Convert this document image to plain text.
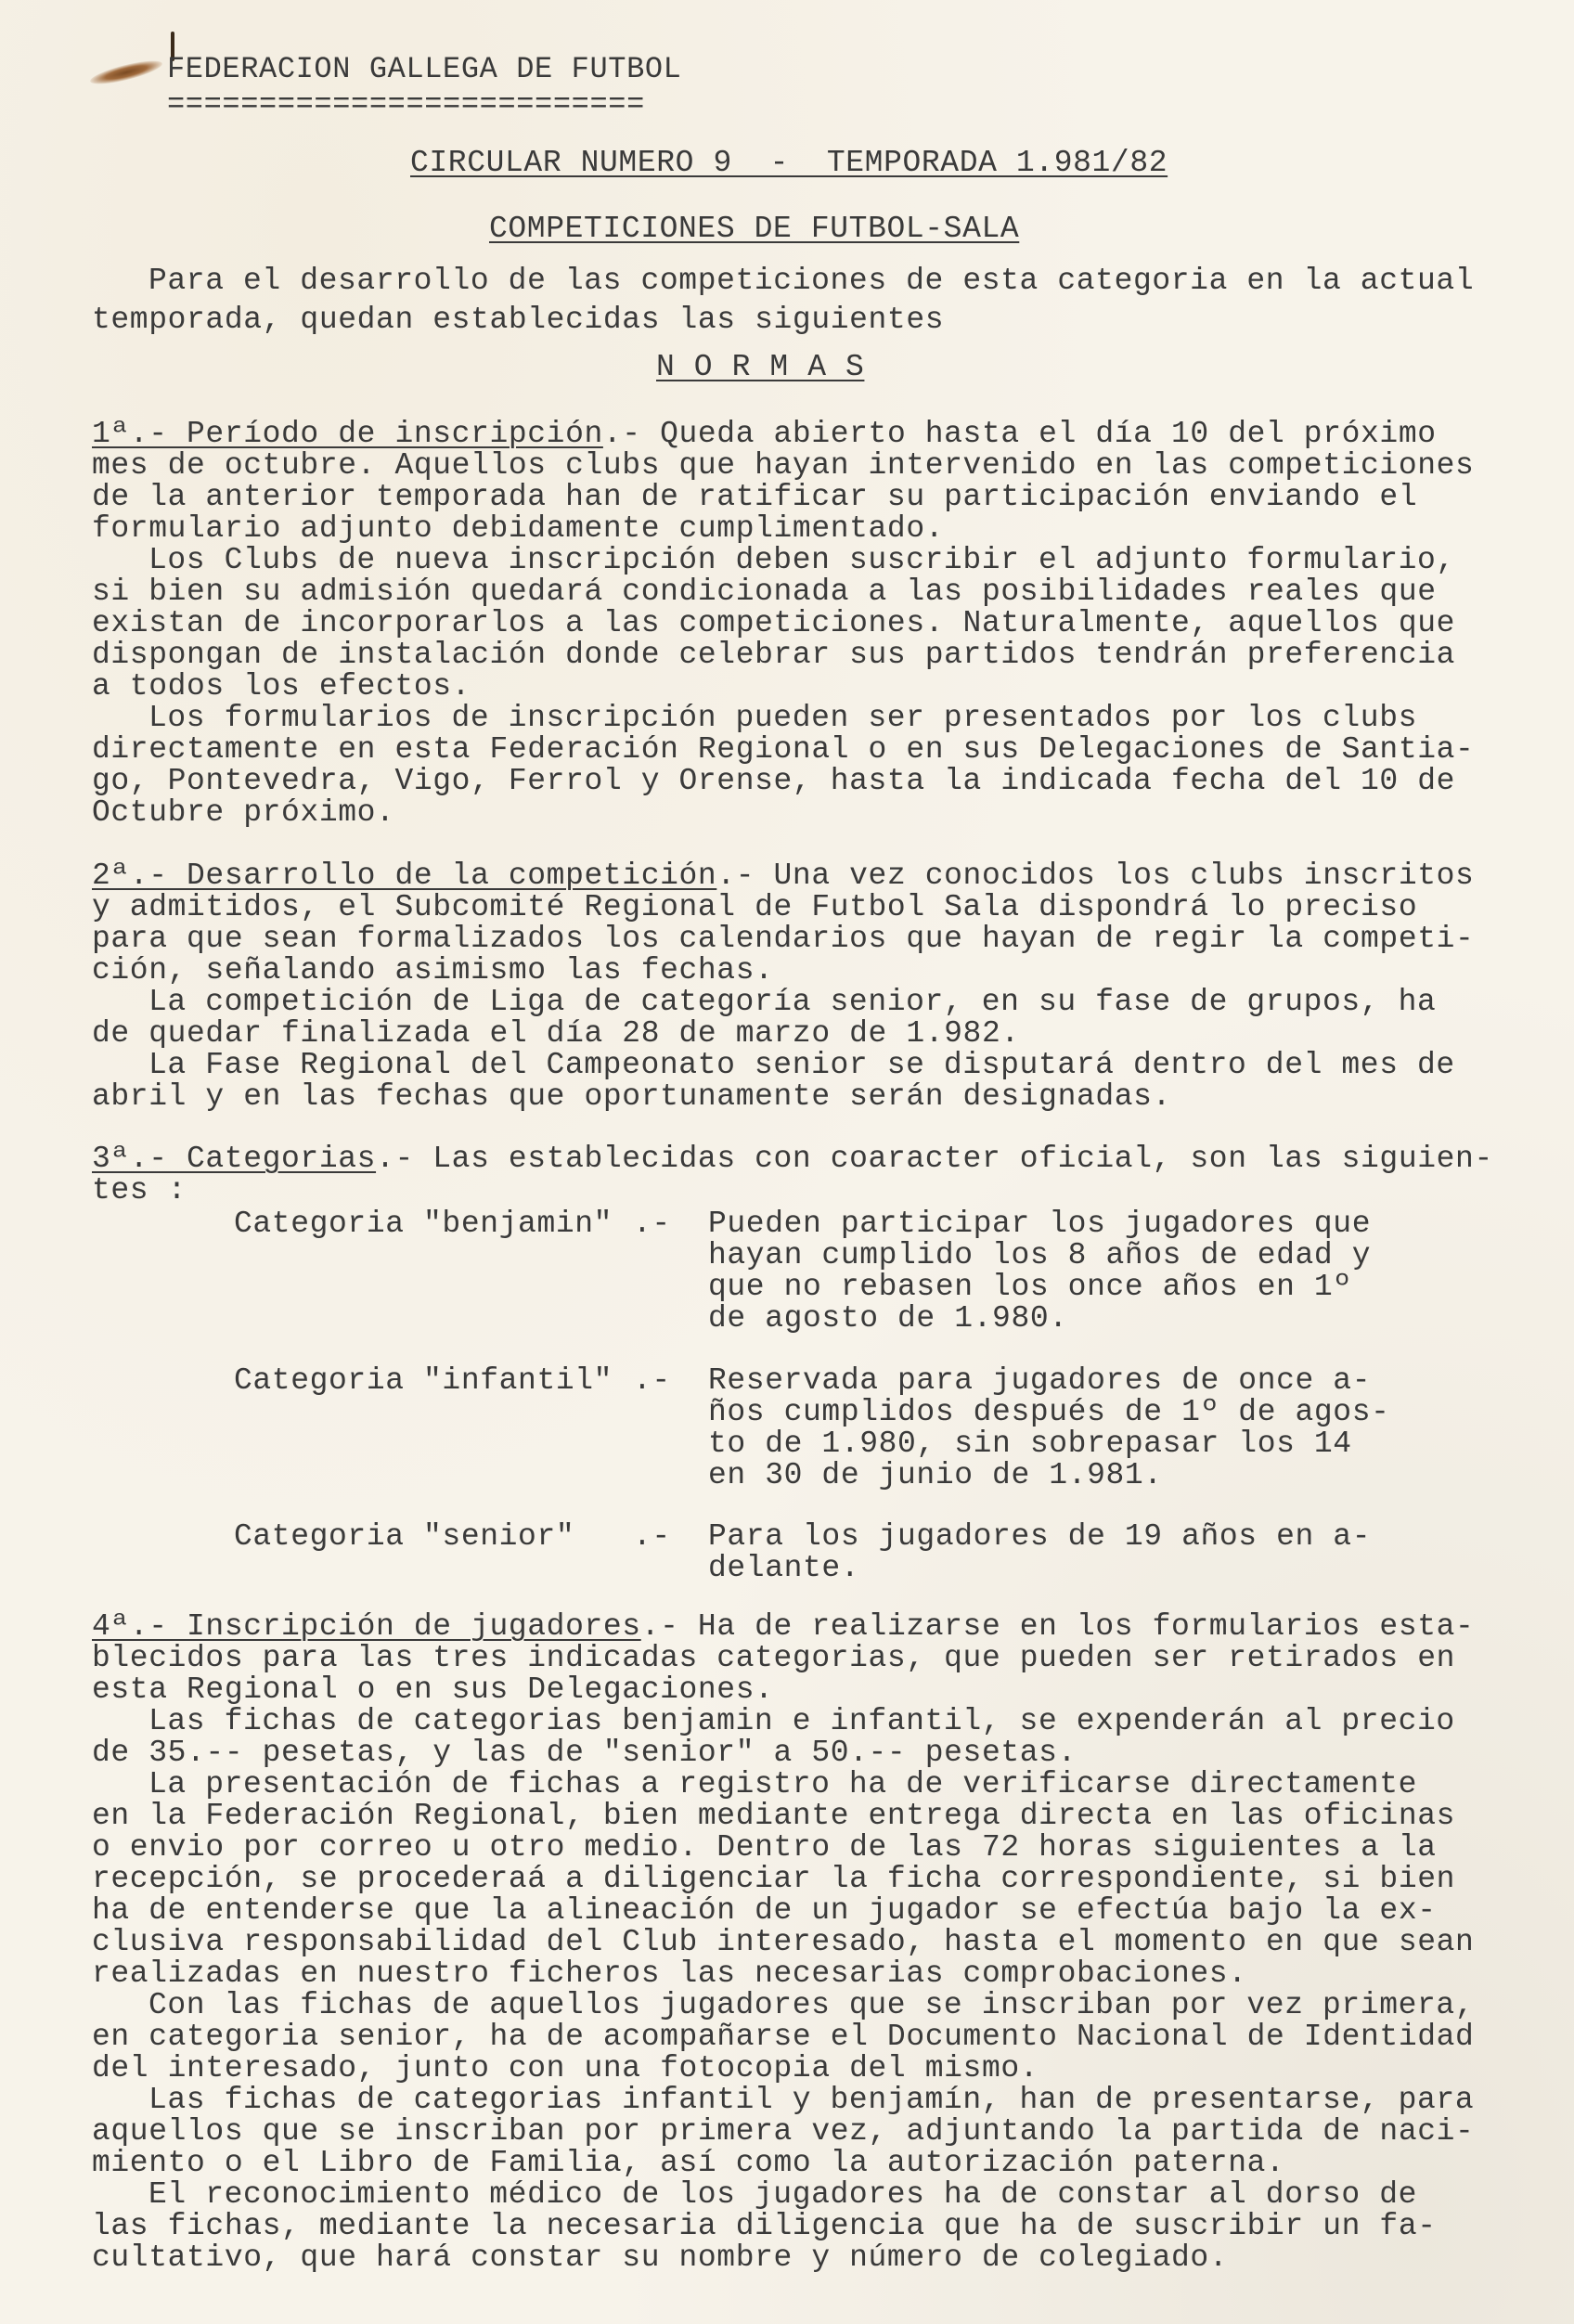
FEDERACION GALLEGA DE FUTBOL
==========================
CIRCULAR NUMERO 9  -  TEMPORADA 1.981/82
COMPETICIONES DE FUTBOL-SALA
Para el desarrollo de las competiciones de esta categoria en la actual
temporada, quedan establecidas las siguientes
N O R M A S
1ª.- Período de inscripción.- Queda abierto hasta el día 10 del próximo
mes de octubre. Aquellos clubs que hayan intervenido en las competiciones
de la anterior temporada han de ratificar su participación enviando el
formulario adjunto debidamente cumplimentado.
Los Clubs de nueva inscripción deben suscribir el adjunto formulario,
si bien su admisión quedará condicionada a las posibilidades reales que
existan de incorporarlos a las competiciones. Naturalmente, aquellos que
dispongan de instalación donde celebrar sus partidos tendrán preferencia
a todos los efectos.
Los formularios de inscripción pueden ser presentados por los clubs
directamente en esta Federación Regional o en sus Delegaciones de Santia-
go, Pontevedra, Vigo, Ferrol y Orense, hasta la indicada fecha del 10 de
Octubre próximo.
2ª.- Desarrollo de la competición.- Una vez conocidos los clubs inscritos
y admitidos, el Subcomité Regional de Futbol Sala dispondrá lo preciso
para que sean formalizados los calendarios que hayan de regir la competi-
ción, señalando asimismo las fechas.
La competición de Liga de categoría senior, en su fase de grupos, ha
de quedar finalizada el día 28 de marzo de 1.982.
La Fase Regional del Campeonato senior se disputará dentro del mes de
abril y en las fechas que oportunamente serán designadas.
3ª.- Categorias.- Las establecidas con coaracter oficial, son las siguien-
tes :
4ª.- Inscripción de jugadores.- Ha de realizarse en los formularios esta-
blecidos para las tres indicadas categorias, que pueden ser retirados en
esta Regional o en sus Delegaciones.
Las fichas de categorias benjamin e infantil, se expenderán al precio
de 35.-- pesetas, y las de "senior" a 50.-- pesetas.
La presentación de fichas a registro ha de verificarse directamente
en la Federación Regional, bien mediante entrega directa en las oficinas
o envio por correo u otro medio. Dentro de las 72 horas siguientes a la
recepción, se procederaá a diligenciar la ficha correspondiente, si bien
ha de entenderse que la alineación de un jugador se efectúa bajo la ex-
clusiva responsabilidad del Club interesado, hasta el momento en que sean
realizadas en nuestro ficheros las necesarias comprobaciones.
Con las fichas de aquellos jugadores que se inscriban por vez primera,
en categoria senior, ha de acompañarse el Documento Nacional de Identidad
del interesado, junto con una fotocopia del mismo.
Las fichas de categorias infantil y benjamín, han de presentarse, para
aquellos que se inscriban por primera vez, adjuntando la partida de naci-
miento o el Libro de Familia, así como la autorización paterna.
El reconocimiento médico de los jugadores ha de constar al dorso de
las fichas, mediante la necesaria diligencia que ha de suscribir un fa-
cultativo, que hará constar su nombre y número de colegiado.
Categoria "benjamin" .- Pueden participar los jugadores que
hayan cumplido los 8 años de edad y
que no rebasen los once años en 1º
de agosto de 1.980.
Categoria "infantil" .- Reservada para jugadores de once a-
ños cumplidos después de 1º de agos-
to de 1.980, sin sobrepasar los 14
en 30 de junio de 1.981.
Categoria "senior" .- Para los jugadores de 19 años en a-
delante.
